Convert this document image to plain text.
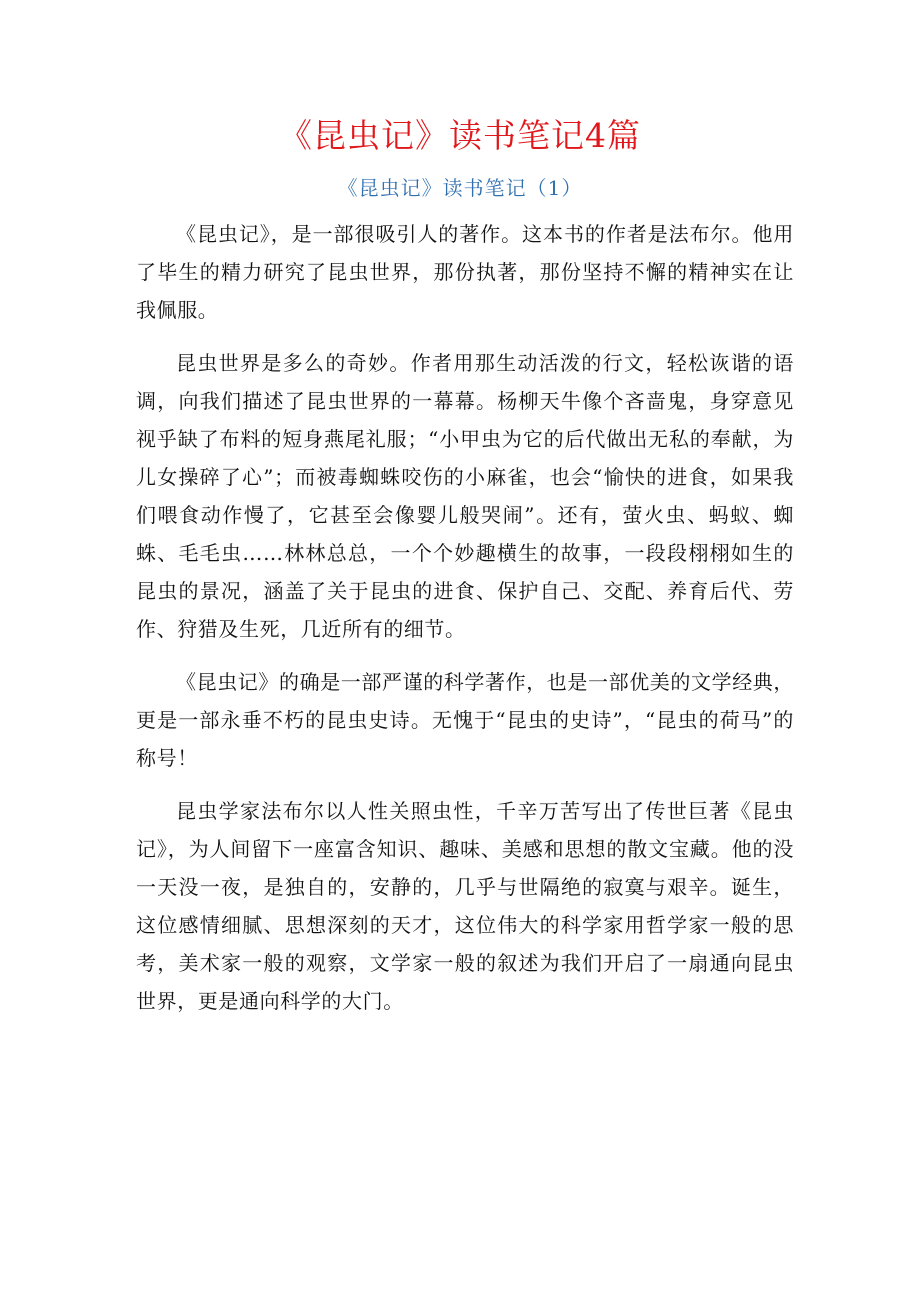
《昆虫记》读书笔记4篇
《昆虫记》读书笔记（1）

《昆虫记》，是一部很吸引人的著作。这本书的作者是法布尔。他用了毕生的精力研究了昆虫世界，那份执著，那份坚持不懈的精神实在让我佩服。

昆虫世界是多么的奇妙。作者用那生动活泼的行文，轻松诙谐的语调，向我们描述了昆虫世界的一幕幕。杨柳天牛像个吝啬鬼，身穿意见视乎缺了布料的短身燕尾礼服；“小甲虫为它的后代做出无私的奉献，为儿女操碎了心”；而被毒蜘蛛咬伤的小麻雀，也会“愉快的进食，如果我们喂食动作慢了，它甚至会像婴儿般哭闹”。还有，萤火虫、蚂蚁、蜘蛛、毛毛虫……林林总总，一个个妙趣横生的故事，一段段栩栩如生的昆虫的景况，涵盖了关于昆虫的进食、保护自己、交配、养育后代、劳作、狩猎及生死，几近所有的细节。

《昆虫记》的确是一部严谨的科学著作，也是一部优美的文学经典，更是一部永垂不朽的昆虫史诗。无愧于“昆虫的史诗”，“昆虫的荷马”的称号！

昆虫学家法布尔以人性关照虫性，千辛万苦写出了传世巨著《昆虫记》，为人间留下一座富含知识、趣味、美感和思想的散文宝藏。他的没一天没一夜，是独自的，安静的，几乎与世隔绝的寂寞与艰辛。诞生，这位感情细腻、思想深刻的天才，这位伟大的科学家用哲学家一般的思考，美术家一般的观察，文学家一般的叙述为我们开启了一扇通向昆虫世界，更是通向科学的大门。
